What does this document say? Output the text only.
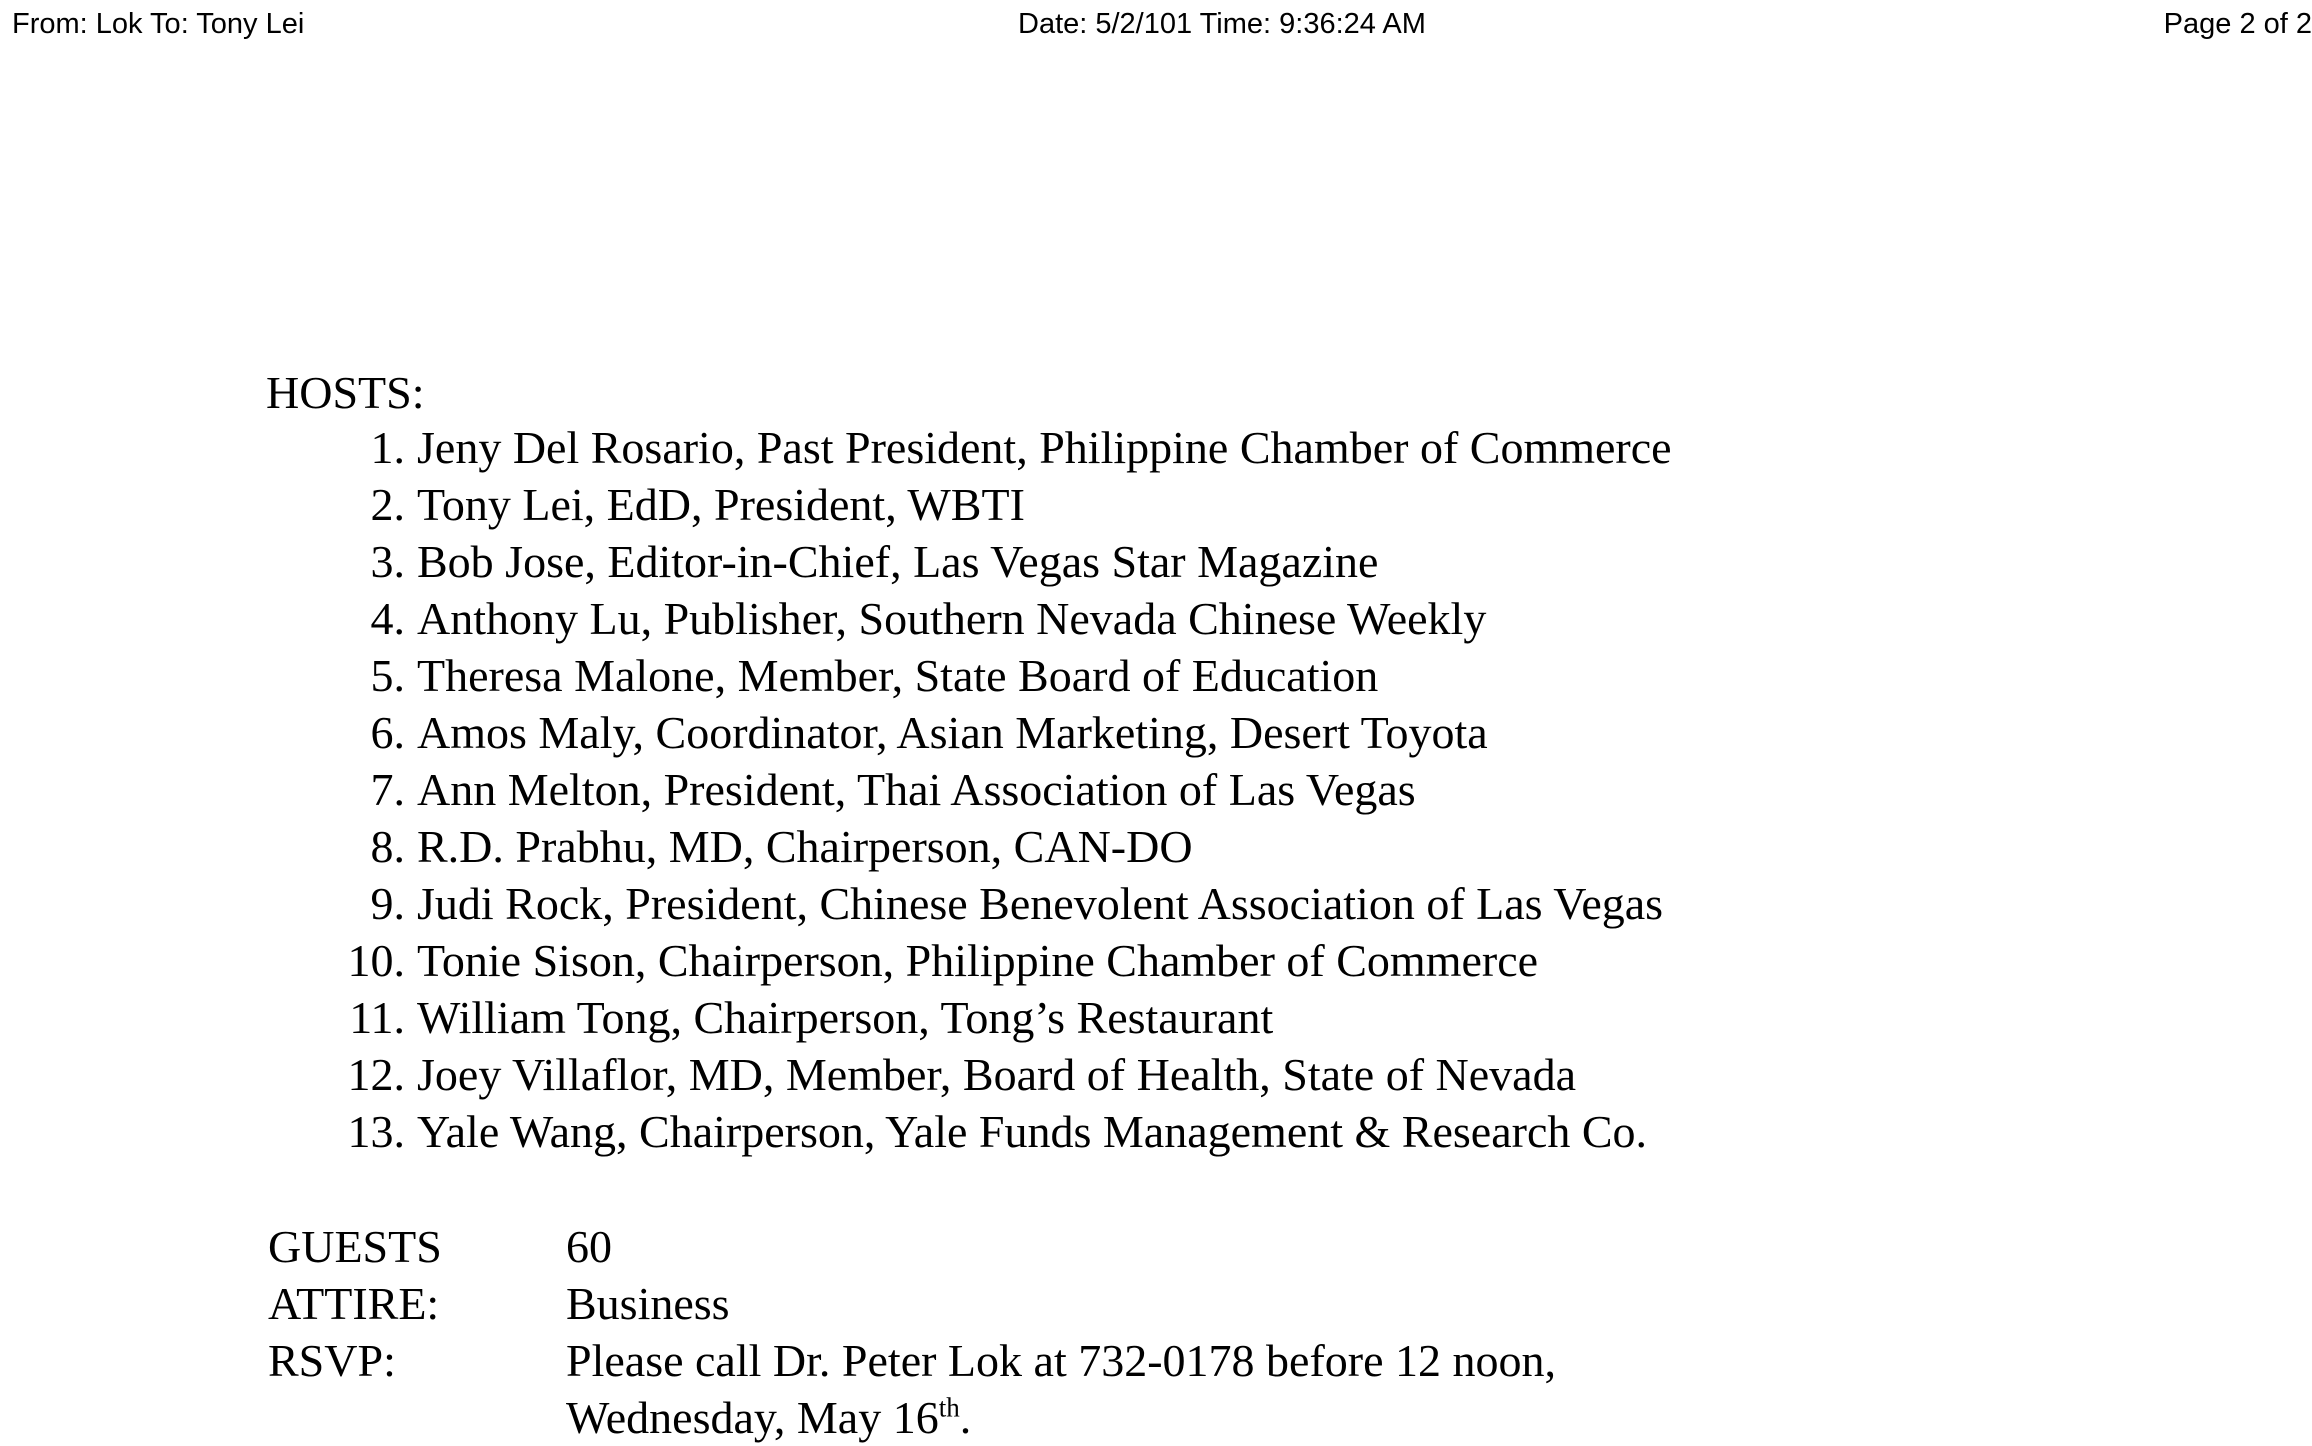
From: Lok To: Tony Lei	Date: 5/2/101 Time: 9:36:24 AM	Page 2 of 2
HOSTS:
1. Jeny Del Rosario, Past President, Philippine Chamber of Commerce
2. Tony Lei, EdD, President, WBTI
3. Bob Jose, Editor-in-Chief, Las Vegas Star Magazine
4. Anthony Lu, Publisher, Southern Nevada Chinese Weekly
5. Theresa Malone, Member, State Board of Education
6. Amos Maly, Coordinator, Asian Marketing, Desert Toyota
7. Ann Melton, President, Thai Association of Las Vegas
8. R.D. Prabhu, MD, Chairperson, CAN-DO
9. Judi Rock, President, Chinese Benevolent Association of Las Vegas
10. Tonie Sison, Chairperson, Philippine Chamber of Commerce
11. William Tong, Chairperson, Tong’s Restaurant
12. Joey Villaflor, MD, Member, Board of Health, State of Nevada
13. Yale Wang, Chairperson, Yale Funds Management & Research Co.
GUESTS	60
ATTIRE:	Business
RSVP:	Please call Dr. Peter Lok at 732-0178 before 12 noon,
Wednesday, May 16th.
